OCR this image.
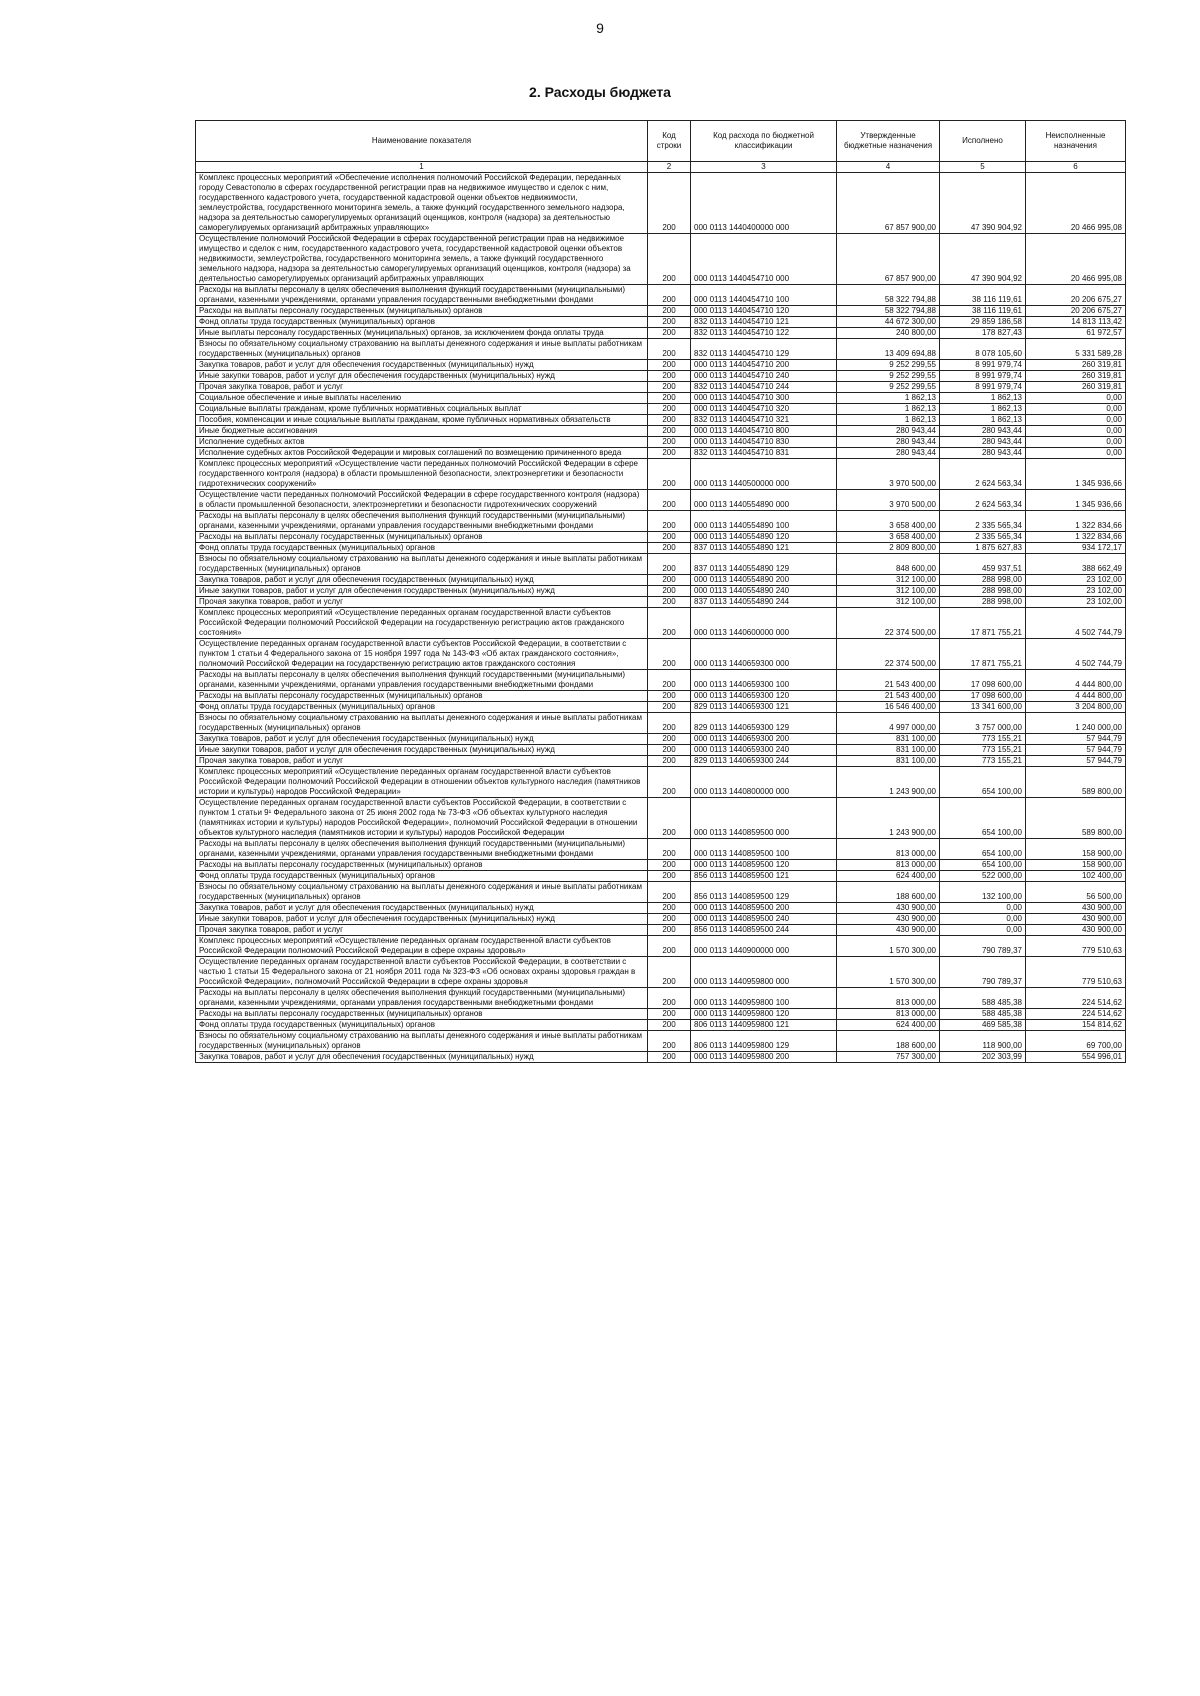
9
2. Расходы бюджета
Наименование показателя	Код строки	Код расхода по бюджетной классификации	Утвержденные бюджетные назначения	Исполнено	Неисполненные назначения
1	2	3	4	5	6
Комплекс процессных мероприятий «Обеспечение исполнения полномочий Российской Федерации, переданных городу Севастополю в сферах государственной регистрации прав на недвижимое имущество и сделок с ним, государственного кадастрового учета, государственной кадастровой оценки объектов недвижимости, землеустройства, государственного мониторинга земель, а также функций государственного земельного надзора, надзора за деятельностью саморегулируемых организаций оценщиков, контроля (надзора) за деятельностью саморегулируемых организаций арбитражных управляющих»	200	000 0113 1440400000 000	67 857 900,00	47 390 904,92	20 466 995,08
Осуществление полномочий Российской Федерации в сферах государственной регистрации прав на недвижимое имущество и сделок с ним, государственного кадастрового учета, государственной кадастровой оценки объектов недвижимости, землеустройства, государственного мониторинга земель, а также функций государственного земельного надзора, надзора за деятельностью саморегулируемых организаций оценщиков, контроля (надзора) за деятельностью саморегулируемых организаций арбитражных управляющих	200	000 0113 1440454710 000	67 857 900,00	47 390 904,92	20 466 995,08
Расходы на выплаты персоналу в целях обеспечения выполнения функций государственными (муниципальными) органами, казенными учреждениями, органами управления государственными внебюджетными фондами	200	000 0113 1440454710 100	58 322 794,88	38 116 119,61	20 206 675,27
Расходы на выплаты персоналу государственных (муниципальных) органов	200	000 0113 1440454710 120	58 322 794,88	38 116 119,61	20 206 675,27
Фонд оплаты труда государственных (муниципальных) органов	200	832 0113 1440454710 121	44 672 300,00	29 859 186,58	14 813 113,42
Иные выплаты персоналу государственных (муниципальных) органов, за исключением фонда оплаты труда	200	832 0113 1440454710 122	240 800,00	178 827,43	61 972,57
Взносы по обязательному социальному страхованию на выплаты денежного содержания и иные выплаты работникам государственных (муниципальных) органов	200	832 0113 1440454710 129	13 409 694,88	8 078 105,60	5 331 589,28
Закупка товаров, работ и услуг для обеспечения государственных (муниципальных) нужд	200	000 0113 1440454710 200	9 252 299,55	8 991 979,74	260 319,81
Иные закупки товаров, работ и услуг для обеспечения государственных (муниципальных) нужд	200	000 0113 1440454710 240	9 252 299,55	8 991 979,74	260 319,81
Прочая закупка товаров, работ и услуг	200	832 0113 1440454710 244	9 252 299,55	8 991 979,74	260 319,81
Социальное обеспечение и иные выплаты населению	200	000 0113 1440454710 300	1 862,13	1 862,13	0,00
Социальные выплаты гражданам, кроме публичных нормативных социальных выплат	200	000 0113 1440454710 320	1 862,13	1 862,13	0,00
Пособия, компенсации и иные социальные выплаты гражданам, кроме публичных нормативных обязательств	200	832 0113 1440454710 321	1 862,13	1 862,13	0,00
Иные бюджетные ассигнования	200	000 0113 1440454710 800	280 943,44	280 943,44	0,00
Исполнение судебных актов	200	000 0113 1440454710 830	280 943,44	280 943,44	0,00
Исполнение судебных актов Российской Федерации и мировых соглашений по возмещению причиненного вреда	200	832 0113 1440454710 831	280 943,44	280 943,44	0,00
Комплекс процессных мероприятий «Осуществление части переданных полномочий Российской Федерации в сфере государственного контроля (надзора) в области промышленной безопасности, электроэнергетики и безопасности гидротехнических сооружений»	200	000 0113 1440500000 000	3 970 500,00	2 624 563,34	1 345 936,66
Осуществление части переданных полномочий Российской Федерации в сфере государственного контроля (надзора) в области промышленной безопасности, электроэнергетики и безопасности гидротехнических сооружений	200	000 0113 1440554890 000	3 970 500,00	2 624 563,34	1 345 936,66
Расходы на выплаты персоналу в целях обеспечения выполнения функций государственными (муниципальными) органами, казенными учреждениями, органами управления государственными внебюджетными фондами	200	000 0113 1440554890 100	3 658 400,00	2 335 565,34	1 322 834,66
Расходы на выплаты персоналу государственных (муниципальных) органов	200	000 0113 1440554890 120	3 658 400,00	2 335 565,34	1 322 834,66
Фонд оплаты труда государственных (муниципальных) органов	200	837 0113 1440554890 121	2 809 800,00	1 875 627,83	934 172,17
Взносы по обязательному социальному страхованию на выплаты денежного содержания и иные выплаты работникам государственных (муниципальных) органов	200	837 0113 1440554890 129	848 600,00	459 937,51	388 662,49
Закупка товаров, работ и услуг для обеспечения государственных (муниципальных) нужд	200	000 0113 1440554890 200	312 100,00	288 998,00	23 102,00
Иные закупки товаров, работ и услуг для обеспечения государственных (муниципальных) нужд	200	000 0113 1440554890 240	312 100,00	288 998,00	23 102,00
Прочая закупка товаров, работ и услуг	200	837 0113 1440554890 244	312 100,00	288 998,00	23 102,00
Комплекс процессных мероприятий «Осуществление переданных органам государственной власти субъектов Российской Федерации полномочий Российской Федерации на государственную регистрацию актов гражданского состояния»	200	000 0113 1440600000 000	22 374 500,00	17 871 755,21	4 502 744,79
Осуществление переданных органам государственной власти субъектов Российской Федерации, в соответствии с пунктом 1 статьи 4 Федерального закона от 15 ноября 1997 года № 143-ФЗ «Об актах гражданского состояния», полномочий Российской Федерации на государственную регистрацию актов гражданского состояния	200	000 0113 1440659300 000	22 374 500,00	17 871 755,21	4 502 744,79
Расходы на выплаты персоналу в целях обеспечения выполнения функций государственными (муниципальными) органами, казенными учреждениями, органами управления государственными внебюджетными фондами	200	000 0113 1440659300 100	21 543 400,00	17 098 600,00	4 444 800,00
Расходы на выплаты персоналу государственных (муниципальных) органов	200	000 0113 1440659300 120	21 543 400,00	17 098 600,00	4 444 800,00
Фонд оплаты труда государственных (муниципальных) органов	200	829 0113 1440659300 121	16 546 400,00	13 341 600,00	3 204 800,00
Взносы по обязательному социальному страхованию на выплаты денежного содержания и иные выплаты работникам государственных (муниципальных) органов	200	829 0113 1440659300 129	4 997 000,00	3 757 000,00	1 240 000,00
Закупка товаров, работ и услуг для обеспечения государственных (муниципальных) нужд	200	000 0113 1440659300 200	831 100,00	773 155,21	57 944,79
Иные закупки товаров, работ и услуг для обеспечения государственных (муниципальных) нужд	200	000 0113 1440659300 240	831 100,00	773 155,21	57 944,79
Прочая закупка товаров, работ и услуг	200	829 0113 1440659300 244	831 100,00	773 155,21	57 944,79
Комплекс процессных мероприятий «Осуществление переданных органам государственной власти субъектов Российской Федерации полномочий Российской Федерации в отношении объектов культурного наследия (памятников истории и культуры) народов Российской Федерации»	200	000 0113 1440800000 000	1 243 900,00	654 100,00	589 800,00
Осуществление переданных органам государственной власти субъектов Российской Федерации, в соответствии с пунктом 1 статьи 9¹ Федерального закона от 25 июня 2002 года № 73-ФЗ «Об объектах культурного наследия (памятниках истории и культуры) народов Российской Федерации», полномочий Российской Федерации в отношении объектов культурного наследия (памятников истории и культуры) народов Российской Федерации	200	000 0113 1440859500 000	1 243 900,00	654 100,00	589 800,00
Расходы на выплаты персоналу в целях обеспечения выполнения функций государственными (муниципальными) органами, казенными учреждениями, органами управления государственными внебюджетными фондами	200	000 0113 1440859500 100	813 000,00	654 100,00	158 900,00
Расходы на выплаты персоналу государственных (муниципальных) органов	200	000 0113 1440859500 120	813 000,00	654 100,00	158 900,00
Фонд оплаты труда государственных (муниципальных) органов	200	856 0113 1440859500 121	624 400,00	522 000,00	102 400,00
Взносы по обязательному социальному страхованию на выплаты денежного содержания и иные выплаты работникам государственных (муниципальных) органов	200	856 0113 1440859500 129	188 600,00	132 100,00	56 500,00
Закупка товаров, работ и услуг для обеспечения государственных (муниципальных) нужд	200	000 0113 1440859500 200	430 900,00	0,00	430 900,00
Иные закупки товаров, работ и услуг для обеспечения государственных (муниципальных) нужд	200	000 0113 1440859500 240	430 900,00	0,00	430 900,00
Прочая закупка товаров, работ и услуг	200	856 0113 1440859500 244	430 900,00	0,00	430 900,00
Комплекс процессных мероприятий «Осуществление переданных органам государственной власти субъектов Российской Федерации полномочий Российской Федерации в сфере охраны здоровья»	200	000 0113 1440900000 000	1 570 300,00	790 789,37	779 510,63
Осуществление переданных органам государственной власти субъектов Российской Федерации, в соответствии с частью 1 статьи 15 Федерального закона от 21 ноября 2011 года № 323-ФЗ «Об основах охраны здоровья граждан в Российской Федерации», полномочий Российской Федерации в сфере охраны здоровья	200	000 0113 1440959800 000	1 570 300,00	790 789,37	779 510,63
Расходы на выплаты персоналу в целях обеспечения выполнения функций государственными (муниципальными) органами, казенными учреждениями, органами управления государственными внебюджетными фондами	200	000 0113 1440959800 100	813 000,00	588 485,38	224 514,62
Расходы на выплаты персоналу государственных (муниципальных) органов	200	000 0113 1440959800 120	813 000,00	588 485,38	224 514,62
Фонд оплаты труда государственных (муниципальных) органов	200	806 0113 1440959800 121	624 400,00	469 585,38	154 814,62
Взносы по обязательному социальному страхованию на выплаты денежного содержания и иные выплаты работникам государственных (муниципальных) органов	200	806 0113 1440959800 129	188 600,00	118 900,00	69 700,00
Закупка товаров, работ и услуг для обеспечения государственных (муниципальных) нужд	200	000 0113 1440959800 200	757 300,00	202 303,99	554 996,01
